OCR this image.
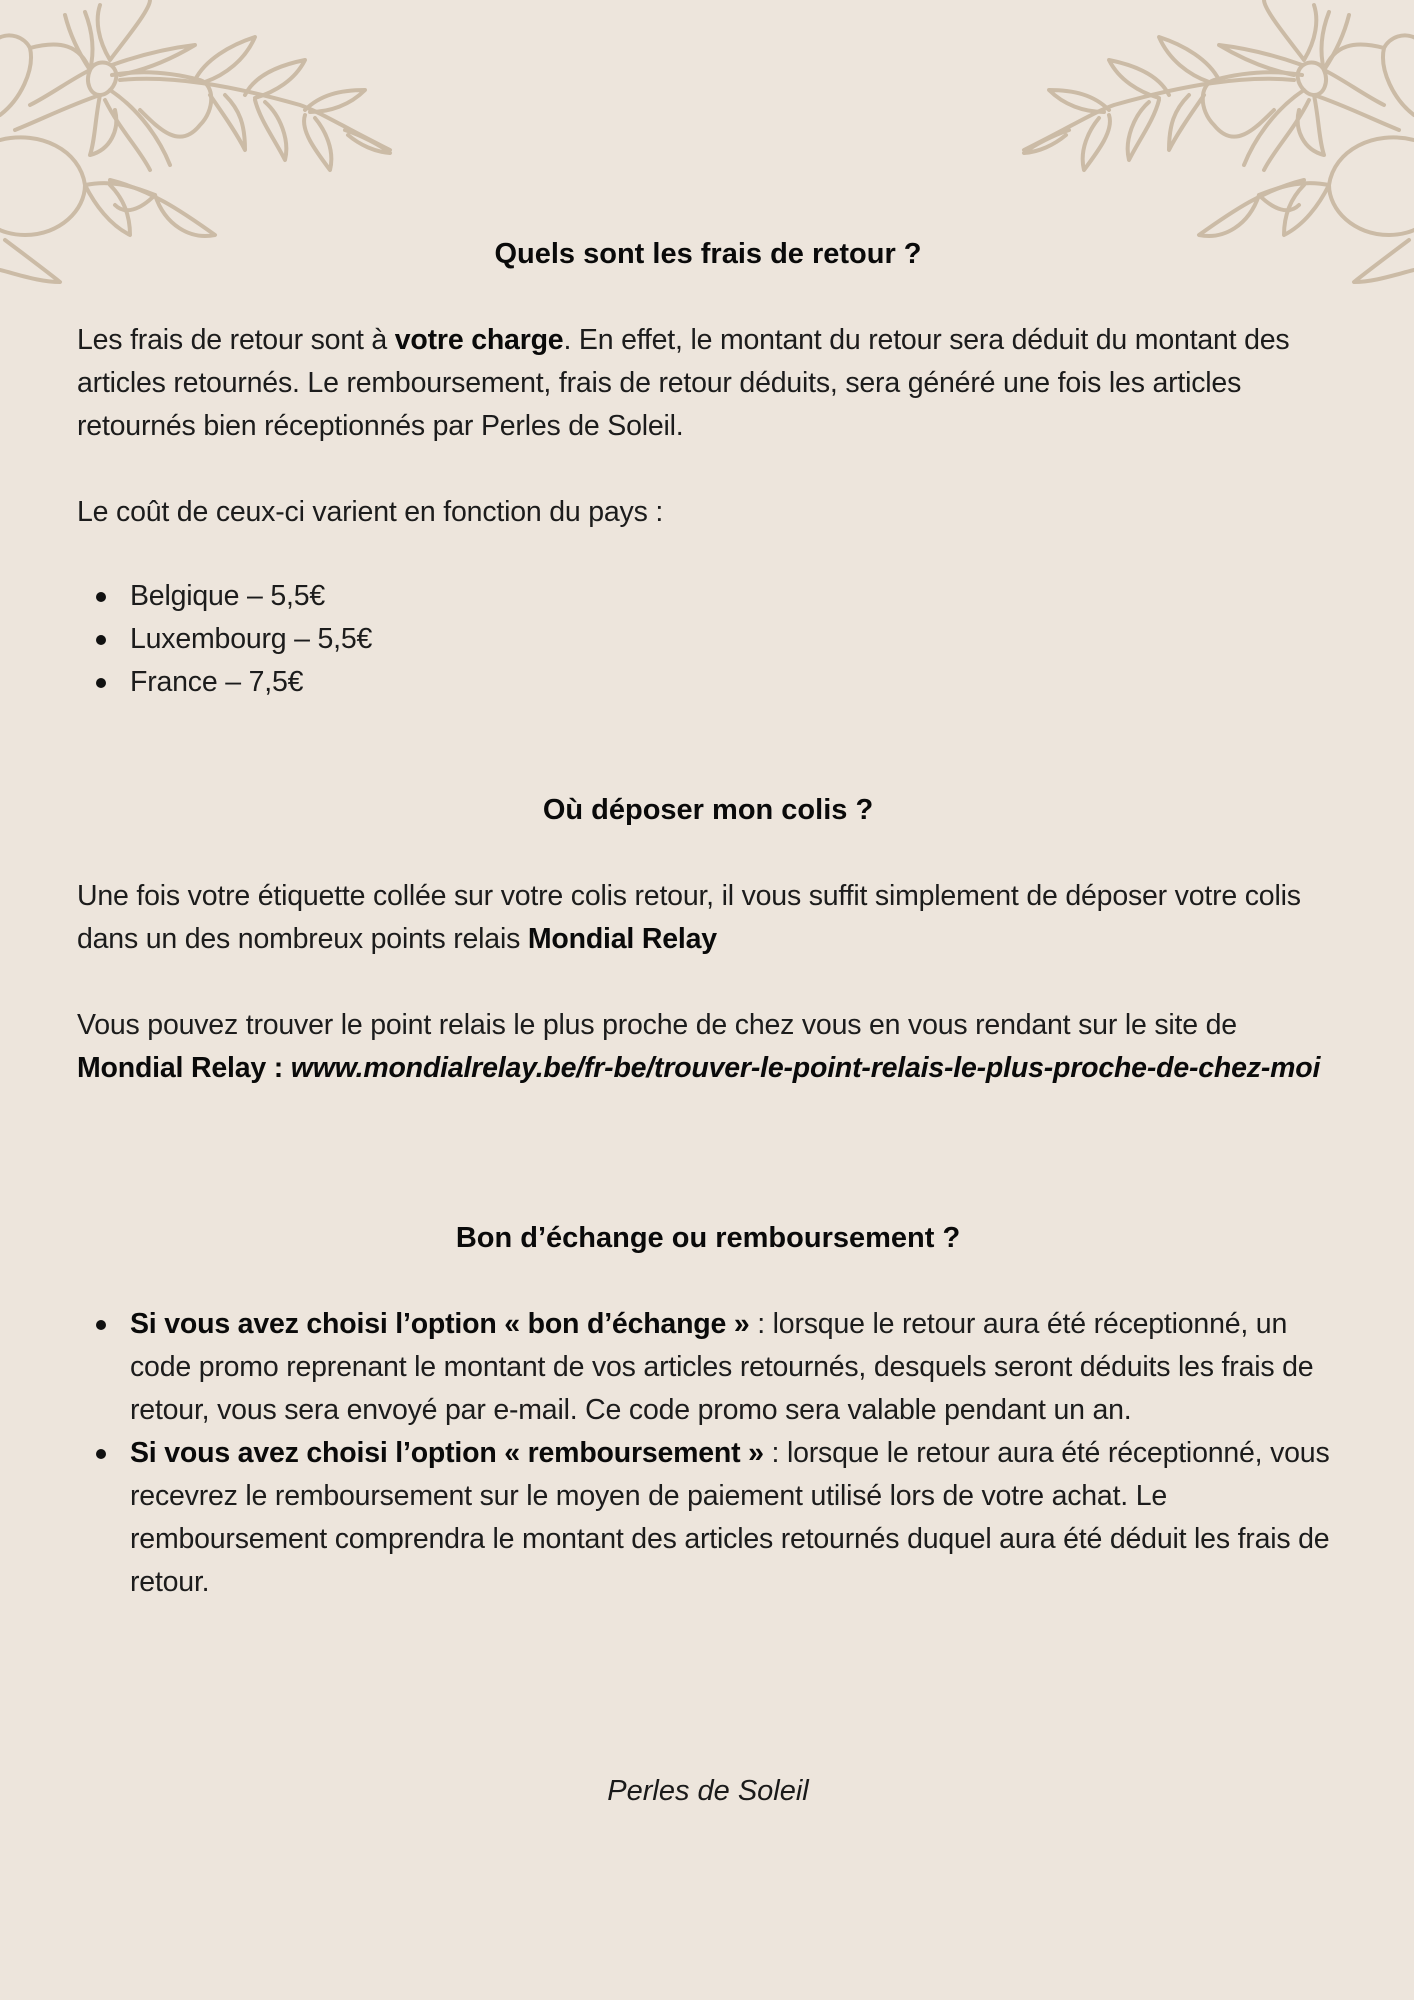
Quels sont les frais de retour ?

Les frais de retour sont à votre charge. En effet, le montant du retour sera déduit du montant des articles retournés. Le remboursement, frais de retour déduits, sera généré une fois les articles retournés bien réceptionnés par Perles de Soleil.

Le coût de ceux-ci varient en fonction du pays :

Belgique – 5,5€
Luxembourg – 5,5€
France – 7,5€
Où déposer mon colis ?

Une fois votre étiquette collée sur votre colis retour, il vous suffit simplement de déposer votre colis dans un des nombreux points relais Mondial Relay

Vous pouvez trouver le point relais le plus proche de chez vous en vous rendant sur le site de Mondial Relay : www.mondialrelay.be/fr-be/trouver-le-point-relais-le-plus-proche-de-chez-moi

Bon d’échange ou remboursement ?
Si vous avez choisi l’option « bon d’échange » : lorsque le retour aura été réceptionné, un code promo reprenant le montant de vos articles retournés, desquels seront déduits les frais de retour, vous sera envoyé par e-mail. Ce code promo sera valable pendant un an.
Si vous avez choisi l’option « remboursement » : lorsque le retour aura été réceptionné, vous recevrez le remboursement sur le moyen de paiement utilisé lors de votre achat. Le remboursement comprendra le montant des articles retournés duquel aura été déduit les frais de retour.

Perles de Soleil
